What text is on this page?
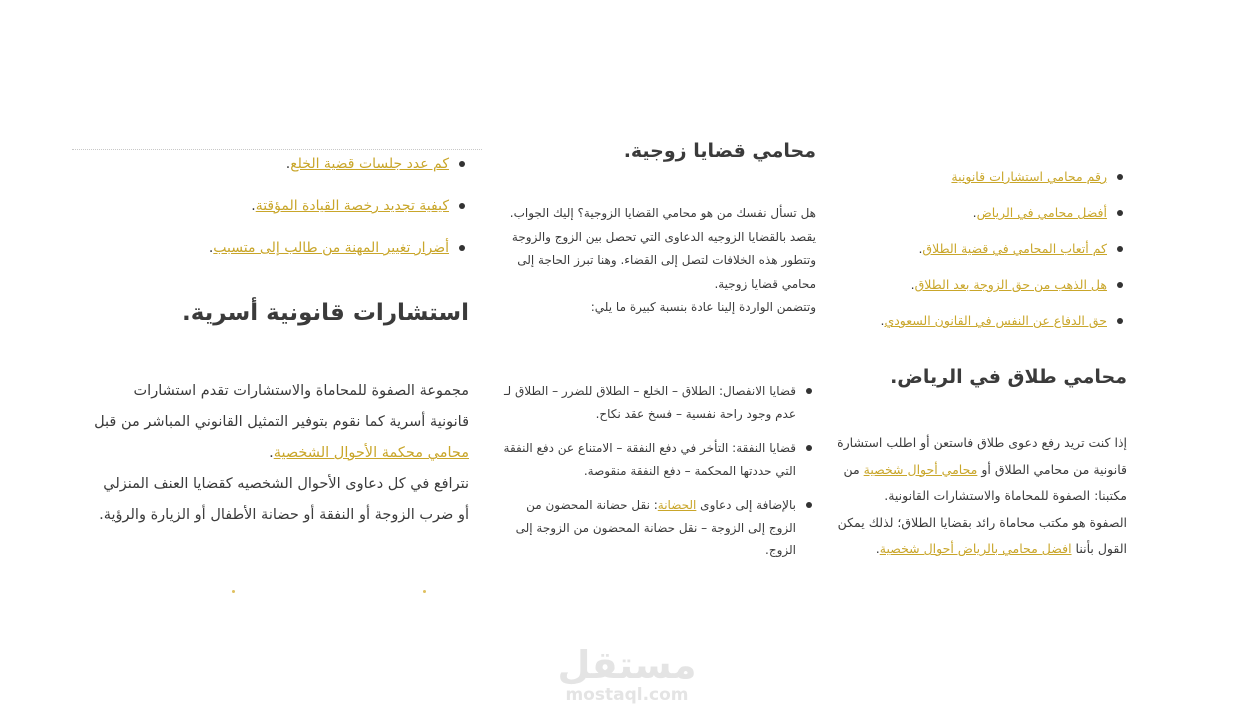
رقم محامي استشارات قانونية
أفضل محامي في الرياض.
كم أتعاب المحامي في قضية الطلاق.
هل الذهب من حق الزوجة بعد الطلاق.
حق الدفاع عن النفس في القانون السعودي.
محامي طلاق في الرياض.
إذا كنت تريد رفع دعوى طلاق فاستعن أو اطلب استشارة قانونية من محامي الطلاق أو محامي أحوال شخصية من مكتبنا: الصفوة للمحاماة والاستشارات القانونية.
الصفوة هو مكتب محاماة رائد بقضايا الطلاق؛ لذلك يمكن القول بأننا افضل محامي بالرياض أحوال شخصية.
محامي قضايا زوجية.
هل تسأل نفسك من هو محامي القضايا الزوجية؟ إليك الجواب.
يقصد بالقضايا الزوجيه الدعاوى التي تحصل بين الزوج والزوجة وتتطور هذه الخلافات لتصل إلى القضاء. وهنا تبرز الحاجة إلى محامي قضايا زوجية.
وتتضمن الواردة إلينا عادة بنسبة كبيرة ما يلي:
قضايا الانفصال: الطلاق – الخلع – الطلاق للضرر – الطلاق لـ عدم وجود راحة نفسية – فسخ عقد نكاح.
قضايا النفقة: التأخر في دفع النفقة – الامتناع عن دفع النفقة التي حددتها المحكمة – دفع النفقة منقوصة.
بالإضافة إلى دعاوى الحضانة: نقل حضانة المحضون من الزوج إلى الزوجة – نقل حضانة المحضون من الزوجة إلى الزوج.
كم عدد جلسات قضية الخلع.
كيفية تجديد رخصة القيادة المؤقتة.
أضرار تغيير المهنة من طالب إلى متسبب.
استشارات قانونية أسرية.
مجموعة الصفوة للمحاماة والاستشارات تقدم استشارات قانونية أسرية كما نقوم بتوفير التمثيل القانوني المباشر من قبل محامي محكمة الأحوال الشخصية.
نترافع في كل دعاوى الأحوال الشخصيه كقضايا العنف المنزلي أو ضرب الزوجة أو النفقة أو حضانة الأطفال أو الزيارة والرؤية.
مستقل
mostaql.com
